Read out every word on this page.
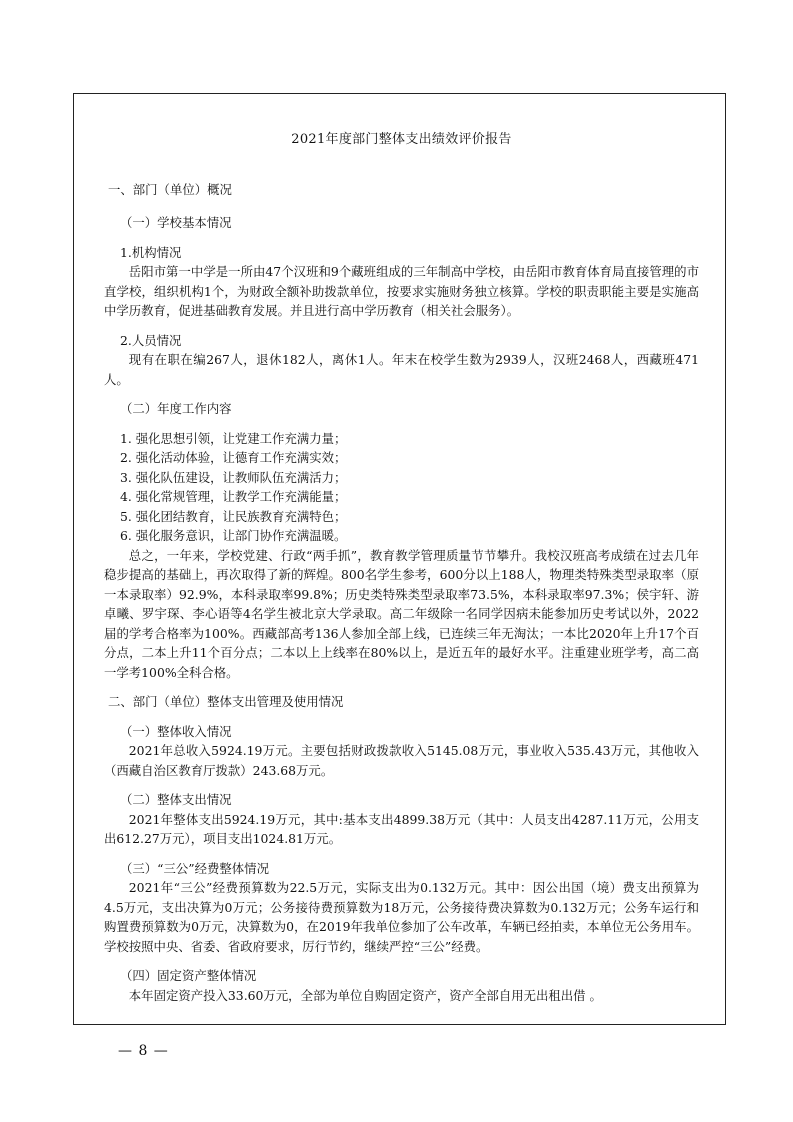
2021年度部门整体支出绩效评价报告
一、部门（单位）概况
（一）学校基本情况
1.机构情况
岳阳市第一中学是一所由47个汉班和9个藏班组成的三年制高中学校，由岳阳市教育体育局直接管理的市直学校，组织机构1个，为财政全额补助拨款单位，按要求实施财务独立核算。学校的职责职能主要是实施高中学历教育，促进基础教育发展。并且进行高中学历教育（相关社会服务）。
2.人员情况
现有在职在编267人，退休182人，离休1人。年末在校学生数为2939人，汉班2468人，西藏班471人。
（二）年度工作内容
1. 强化思想引领，让党建工作充满力量；
2. 强化活动体验，让德育工作充满实效；
3. 强化队伍建设，让教师队伍充满活力；
4. 强化常规管理，让教学工作充满能量；
5. 强化团结教育，让民族教育充满特色；
6. 强化服务意识，让部门协作充满温暖。
总之，一年来，学校党建、行政“两手抓”，教育教学管理质量节节攀升。我校汉班高考成绩在过去几年稳步提高的基础上，再次取得了新的辉煌。800名学生参考，600分以上188人，物理类特殊类型录取率（原一本录取率）92.9%，本科录取率99.8%；历史类特殊类型录取率73.5%，本科录取率97.3%；侯宇轩、游卓曦、罗宇琛、李心语等4名学生被北京大学录取。高二年级除一名同学因病未能参加历史考试以外，2022届的学考合格率为100%。西藏部高考136人参加全部上线，已连续三年无淘汰；一本比2020年上升17个百分点，二本上升11个百分点；二本以上上线率在80%以上，是近五年的最好水平。注重建业班学考，高二高一学考100%全科合格。
二、部门（单位）整体支出管理及使用情况
（一）整体收入情况
2021年总收入5924.19万元。主要包括财政拨款收入5145.08万元，事业收入535.43万元，其他收入（西藏自治区教育厅拨款）243.68万元。
（二）整体支出情况
2021年整体支出5924.19万元，其中:基本支出4899.38万元（其中：人员支出4287.11万元，公用支出612.27万元），项目支出1024.81万元。
（三）“三公”经费整体情况
2021年“三公”经费预算数为22.5万元，实际支出为0.132万元。其中：因公出国（境）费支出预算为4.5万元，支出决算为0万元；公务接待费预算数为18万元，公务接待费决算数为0.132万元；公务车运行和购置费预算数为0万元，决算数为0，在2019年我单位参加了公车改革，车辆已经拍卖，本单位无公务用车。学校按照中央、省委、省政府要求，厉行节约，继续严控“三公”经费。
（四）固定资产整体情况
本年固定资产投入33.60万元，全部为单位自购固定资产，资产全部自用无出租出借 。
— 8 —
